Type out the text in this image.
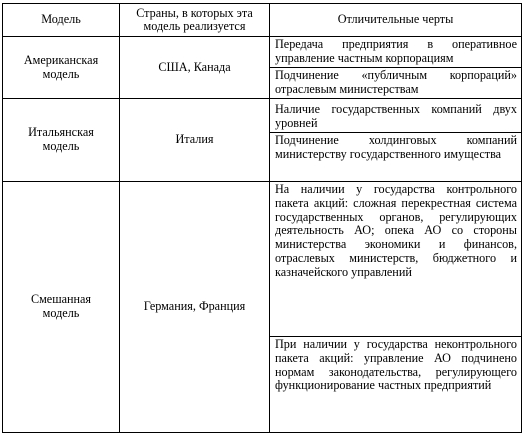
Модель	Страны, в которых эта модель реализуется	Отличительные черты
Американская модель	США, Канада	Передача предприятия в оперативное управление частным корпорациям
Подчинение «публичным корпораций» отраслевым министерствам

Итальянская модель	Италия	Наличие государственных компаний двух уровней
Подчинение холдинговых компаний министерству государственного имущества

Смешанная модель	Германия, Франция	На наличии у государства контрольного пакета акций: сложная перекрестная система государственных органов, регулирующих деятельность АО; опека АО со стороны министерства экономики и финансов, отраслевых министерств, бюджетного и казначейского управлений
При наличии у государства неконтрольного пакета акций: управление АО подчинено нормам законодательства, регулирующего функционирование частных предприятий
